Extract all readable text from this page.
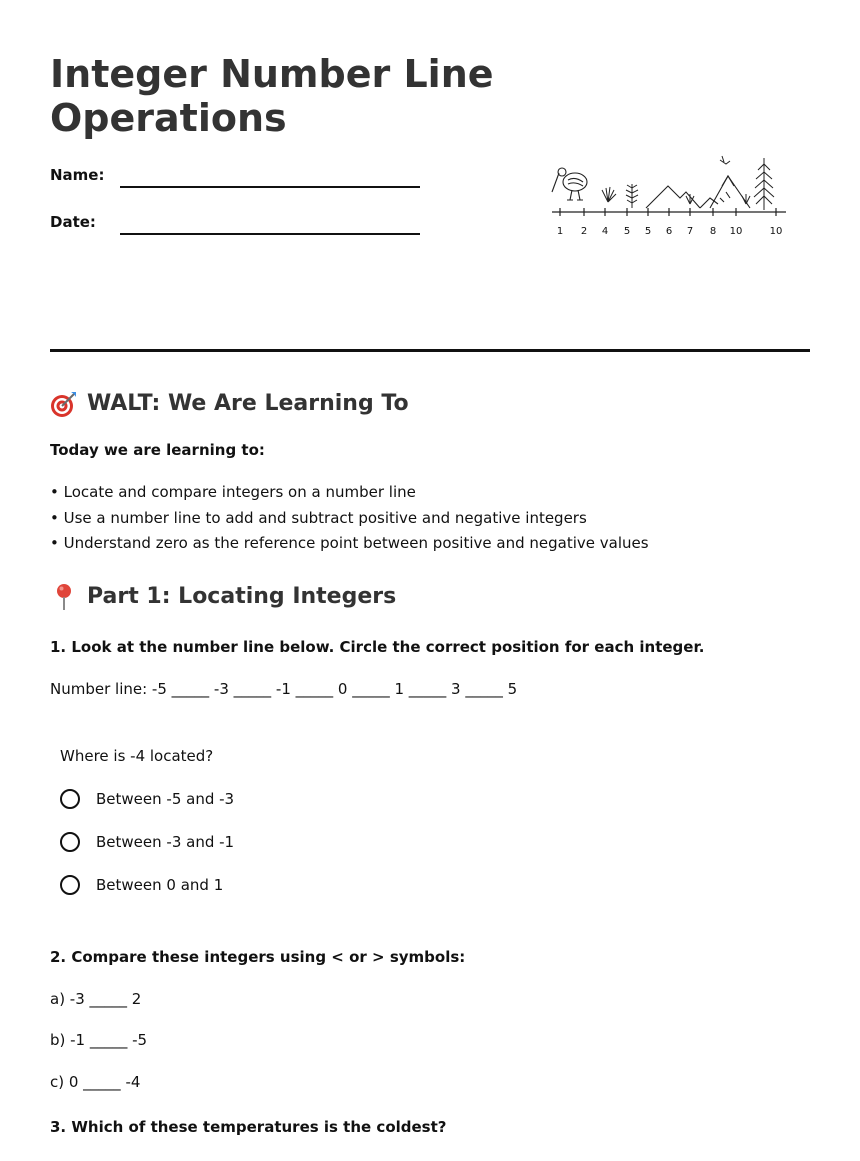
Integer Number Line Operations
Name:
Date:
1 2 4 5 5 6 7 8 10	10
WALT: We Are Learning To
Today we are learning to:
• Locate and compare integers on a number line
• Use a number line to add and subtract positive and negative integers
• Understand zero as the reference point between positive and negative values
Part 1: Locating Integers
1. Look at the number line below. Circle the correct position for each integer.
Number line: -5 _____ -3 _____ -1 _____ 0 _____ 1 _____ 3 _____ 5
Where is -4 located?
Between -5 and -3
Between -3 and -1
Between 0 and 1
2. Compare these integers using < or > symbols:
a) -3 _____ 2
b) -1 _____ -5
c) 0 _____ -4
3. Which of these temperatures is the coldest?
